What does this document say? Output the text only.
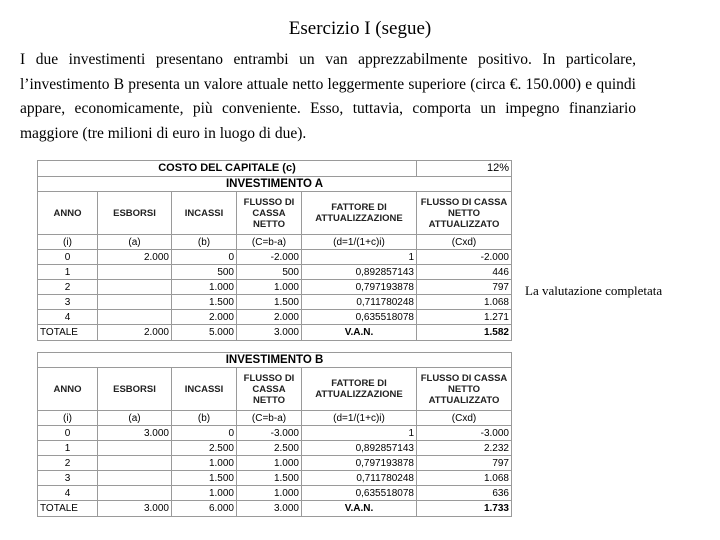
Esercizio I (segue)
I due investimenti presentano entrambi un van apprezzabilmente positivo. In particolare, l’investimento B presenta un valore attuale netto leggermente superiore (circa €. 150.000) e quindi appare, economicamente, più conveniente. Esso, tuttavia, comporta un impegno finanziario maggiore (tre milioni di euro in luogo di due).
La valutazione completata
COSTO DEL CAPITALE (c)					12%
INVESTIMENTO A					
ANNO	ESBORSI	INCASSI	FLUSSO DI CASSA NETTO	FATTORE DI ATTUALIZZAZIONE	FLUSSO DI CASSA NETTO ATTUALIZZATO
(i)	(a)	(b)	(C=b-a)	(d=1/(1+c)i)	(Cxd)
0	2.000	0	-2.000	1	-2.000
1		500	500	0,892857143	446
2		1.000	1.000	0,797193878	797
3		1.500	1.500	0,711780248	1.068
4		2.000	2.000	0,635518078	1.271
TOTALE	2.000	5.000	3.000	V.A.N.	1.582
INVESTIMENTO B					
ANNO	ESBORSI	INCASSI	FLUSSO DI CASSA NETTO	FATTORE DI ATTUALIZZAZIONE	FLUSSO DI CASSA NETTO ATTUALIZZATO
(i)	(a)	(b)	(C=b-a)	(d=1/(1+c)i)	(Cxd)
0	3.000	0	-3.000	1	-3.000
1		2.500	2.500	0,892857143	2.232
2		1.000	1.000	0,797193878	797
3		1.500	1.500	0,711780248	1.068
4		1.000	1.000	0,635518078	636
TOTALE	3.000	6.000	3.000	V.A.N.	1.733
